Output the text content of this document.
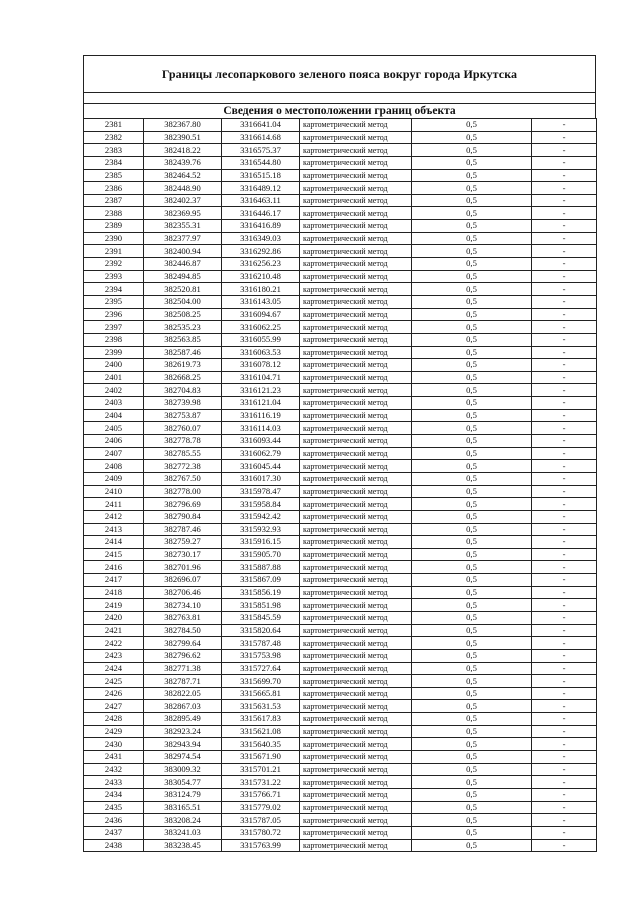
Границы лесопаркового зеленого пояса вокруг города Иркутска
Сведения о местоположении границ объекта
2381	382367.80	3316641.04	картометрический метод	0,5	-
2382	382390.51	3316614.68	картометрический метод	0,5	-
2383	382418.22	3316575.37	картометрический метод	0,5	-
2384	382439.76	3316544.80	картометрический метод	0,5	-
2385	382464.52	3316515.18	картометрический метод	0,5	-
2386	382448.90	3316489.12	картометрический метод	0,5	-
2387	382402.37	3316463.11	картометрический метод	0,5	-
2388	382369.95	3316446.17	картометрический метод	0,5	-
2389	382355.31	3316416.89	картометрический метод	0,5	-
2390	382377.97	3316349.03	картометрический метод	0,5	-
2391	382400.94	3316292.86	картометрический метод	0,5	-
2392	382446.87	3316256.23	картометрический метод	0,5	-
2393	382494.85	3316210.48	картометрический метод	0,5	-
2394	382520.81	3316180.21	картометрический метод	0,5	-
2395	382504.00	3316143.05	картометрический метод	0,5	-
2396	382508.25	3316094.67	картометрический метод	0,5	-
2397	382535.23	3316062.25	картометрический метод	0,5	-
2398	382563.85	3316055.99	картометрический метод	0,5	-
2399	382587.46	3316063.53	картометрический метод	0,5	-
2400	382619.73	3316078.12	картометрический метод	0,5	-
2401	382668.25	3316104.71	картометрический метод	0,5	-
2402	382704.83	3316121.23	картометрический метод	0,5	-
2403	382739.98	3316121.04	картометрический метод	0,5	-
2404	382753.87	3316116.19	картометрический метод	0,5	-
2405	382760.07	3316114.03	картометрический метод	0,5	-
2406	382778.78	3316093.44	картометрический метод	0,5	-
2407	382785.55	3316062.79	картометрический метод	0,5	-
2408	382772.38	3316045.44	картометрический метод	0,5	-
2409	382767.50	3316017.30	картометрический метод	0,5	-
2410	382778.00	3315978.47	картометрический метод	0,5	-
2411	382796.69	3315958.84	картометрический метод	0,5	-
2412	382790.84	3315942.42	картометрический метод	0,5	-
2413	382787.46	3315932.93	картометрический метод	0,5	-
2414	382759.27	3315916.15	картометрический метод	0,5	-
2415	382730.17	3315905.70	картометрический метод	0,5	-
2416	382701.96	3315887.88	картометрический метод	0,5	-
2417	382696.07	3315867.09	картометрический метод	0,5	-
2418	382706.46	3315856.19	картометрический метод	0,5	-
2419	382734.10	3315851.98	картометрический метод	0,5	-
2420	382763.81	3315845.59	картометрический метод	0,5	-
2421	382784.50	3315820.64	картометрический метод	0,5	-
2422	382799.64	3315787.48	картометрический метод	0,5	-
2423	382796.62	3315753.98	картометрический метод	0,5	-
2424	382771.38	3315727.64	картометрический метод	0,5	-
2425	382787.71	3315699.70	картометрический метод	0,5	-
2426	382822.05	3315665.81	картометрический метод	0,5	-
2427	382867.03	3315631.53	картометрический метод	0,5	-
2428	382895.49	3315617.83	картометрический метод	0,5	-
2429	382923.24	3315621.08	картометрический метод	0,5	-
2430	382943.94	3315640.35	картометрический метод	0,5	-
2431	382974.54	3315671.90	картометрический метод	0,5	-
2432	383009.32	3315701.21	картометрический метод	0,5	-
2433	383054.77	3315731.22	картометрический метод	0,5	-
2434	383124.79	3315766.71	картометрический метод	0,5	-
2435	383165.51	3315779.02	картометрический метод	0,5	-
2436	383208.24	3315787.05	картометрический метод	0,5	-
2437	383241.03	3315780.72	картометрический метод	0,5	-
2438	383238.45	3315763.99	картометрический метод	0,5	-
